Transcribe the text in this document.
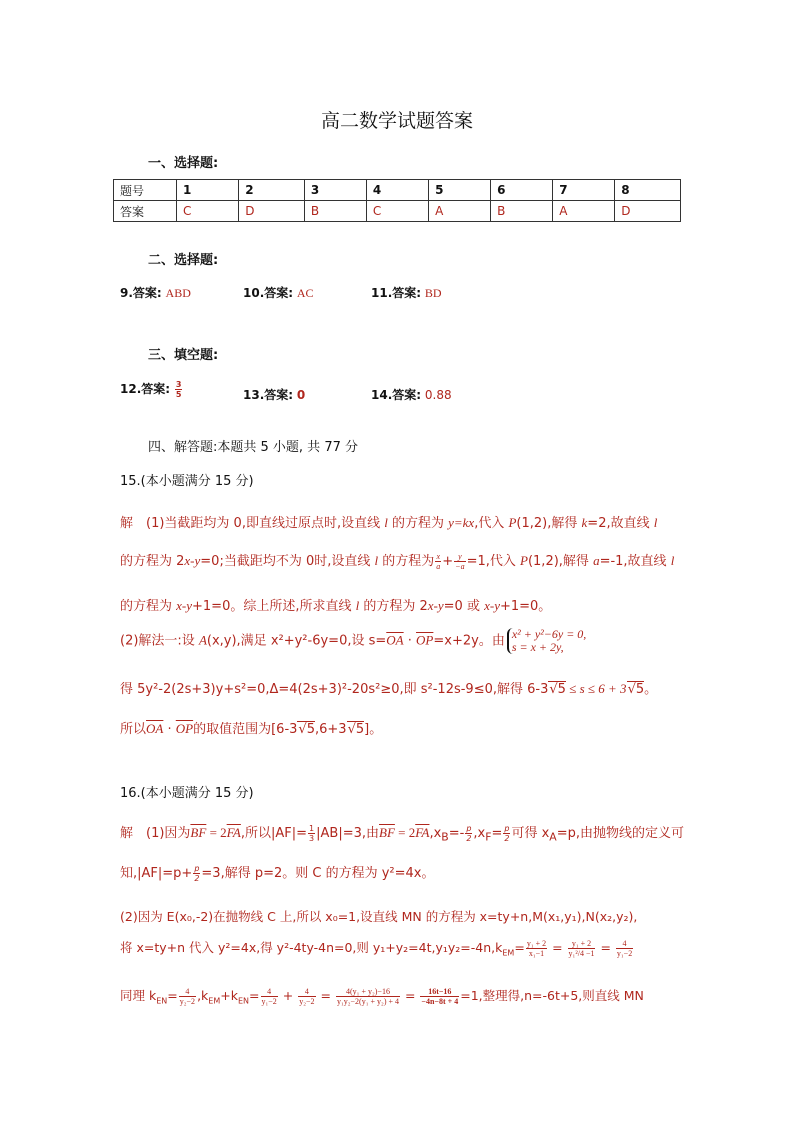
高二数学试题答案
一、选择题:
题号	1	2	3	4	5	6	7	8
答案	C	D	B	C	A	B	A	D
二、选择题:
9.答案: ABD	10.答案: AC	11.答案: BD
三、填空题:
12.答案: $\frac{3}{5}$	13.答案: 0	14.答案: 0.88
四、解答题:本题共 5 小题, 共 77 分
15.(本小题满分 15 分)
解　(1)当截距均为 0,即直线过原点时,设直线 l 的方程为 y=kx,代入 P(1,2),解得 k=2,故直线 l
的方程为 2x-y=0;当截距均不为 0时,设直线 l 的方程为 $\frac{x}{a} + \frac{y}{-a} =1$,代入 P(1,2),解得 a=-1,故直线 l
的方程为 x-y+1=0。综上所述,所求直线 l 的方程为 2x-y=0 或 x-y+1=0。
(2)解法一:设 A(x,y),满足 x²+y²-6y=0,设 $s=\overline{OA} \cdot \overline{OP}=x+2y$。由 x² + y²−6y = 0,
s = x + 2y,
得 5y²-2(2s+3)y+s²=0,Δ=4(2s+3)²-20s²≥0,即 s²-12s-9≤0,解得 6-3√5 ≤ s ≤ 6 + 3√5。
所以$\overline{OA} \cdot \overline{OP}$的取值范围为[6-3√5,6+3√5]。
16.(本小题满分 15 分)
解　(1)因为$\overline{BF} = 2\overline{FA}$,所以$|AF|= \frac{1}{3} |AB|=3$,由$\overline{BF} = 2\overline{FA},x_B=- \frac{p}{2} ,x_F= \frac{p}{2}$ 可得 $x_A=p$,由抛物线的定义可
知$,|AF|=p+ \frac{p}{2} =3$,解得 p=2。则 C 的方程为 y²=4x。
(2)因为 E(x₀,-2)在抛物线 C 上,所以 x₀=1,设直线 MN 的方程为 x=ty+n,M(x₁,y₁),N(x₂,y₂),
将 x=ty+n 代入 y²=4x,得 y²-4ty-4n=0,则 $y_1+y_2=4t,y_1y_2=-4n,k_{EM}= \frac{\text{y₁ + 2}}{\text{x₁−1}} = \frac{\text{y₁ + 2}}{\text{y₁²/4 −1}} = \frac{4}{\text{y₁−2}}$
同理 $k_{EN}= \frac{4}{\text{y₂−2}} ,k_{EM}+k_{EN}= \frac{4}{\text{y₁−2}} + \frac{4}{\text{y₂−2}} = \frac{\text{4(y₁ + y₂)−16}}{\text{y₁y₂−2(y₁ + y₂) + 4}} = \frac{16t-16}{-4n-8t + 4} =1$,整理得,n=-6t+5,则直线 MN
